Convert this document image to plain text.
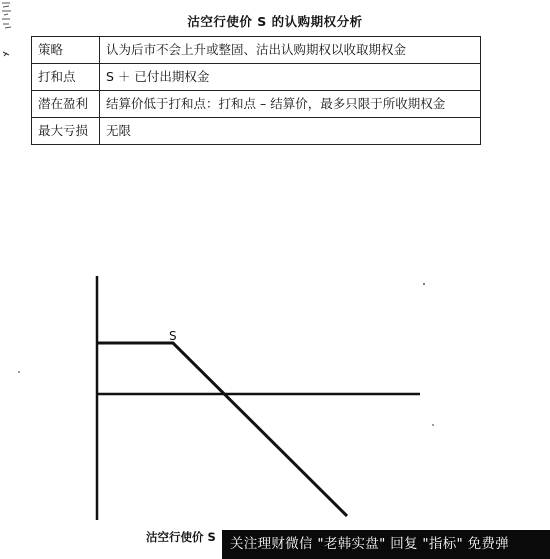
沽空行使价 S 的认购期权分析
策略	认为后市不会上升或整固、沽出认购期权以收取期权金
打和点	S ＋ 已付出期权金
潜在盈利	结算价低于打和点：打和点 – 结算价，最多只限于所收期权金
最大亏损	无限
S
沽空行使价 S	关注理财微信 "老韩实盘" 回复 "指标" 免费弹
